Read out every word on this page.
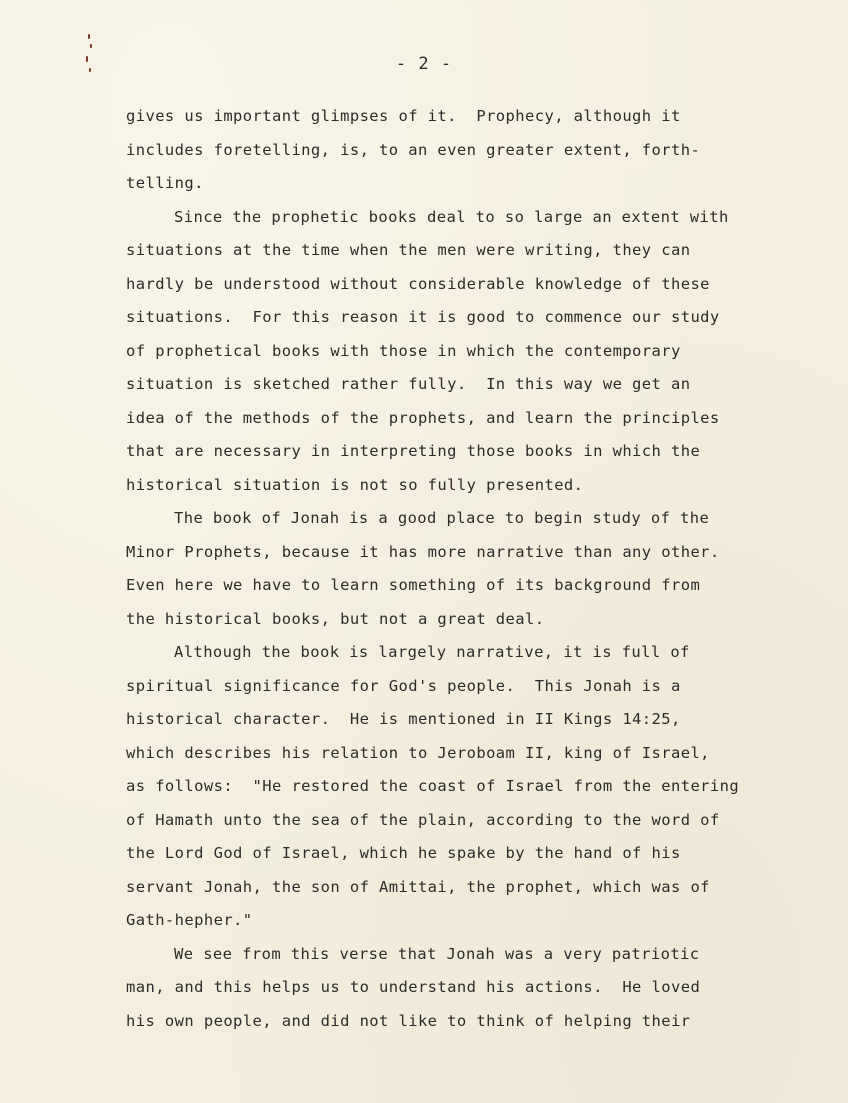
- 2 -

gives us important glimpses of it.  Prophecy, although it
includes foretelling, is, to an even greater extent, forth-
telling.

Since the prophetic books deal to so large an extent with
situations at the time when the men were writing, they can
hardly be understood without considerable knowledge of these
situations.  For this reason it is good to commence our study
of prophetical books with those in which the contemporary
situation is sketched rather fully.  In this way we get an
idea of the methods of the prophets, and learn the principles
that are necessary in interpreting those books in which the
historical situation is not so fully presented.

The book of Jonah is a good place to begin study of the
Minor Prophets, because it has more narrative than any other.
Even here we have to learn something of its background from
the historical books, but not a great deal.

Although the book is largely narrative, it is full of
spiritual significance for God's people.  This Jonah is a
historical character.  He is mentioned in II Kings 14:25,
which describes his relation to Jeroboam II, king of Israel,
as follows:  "He restored the coast of Israel from the entering
of Hamath unto the sea of the plain, according to the word of
the Lord God of Israel, which he spake by the hand of his
servant Jonah, the son of Amittai, the prophet, which was of
Gath-hepher."

We see from this verse that Jonah was a very patriotic
man, and this helps us to understand his actions.  He loved
his own people, and did not like to think of helping their
